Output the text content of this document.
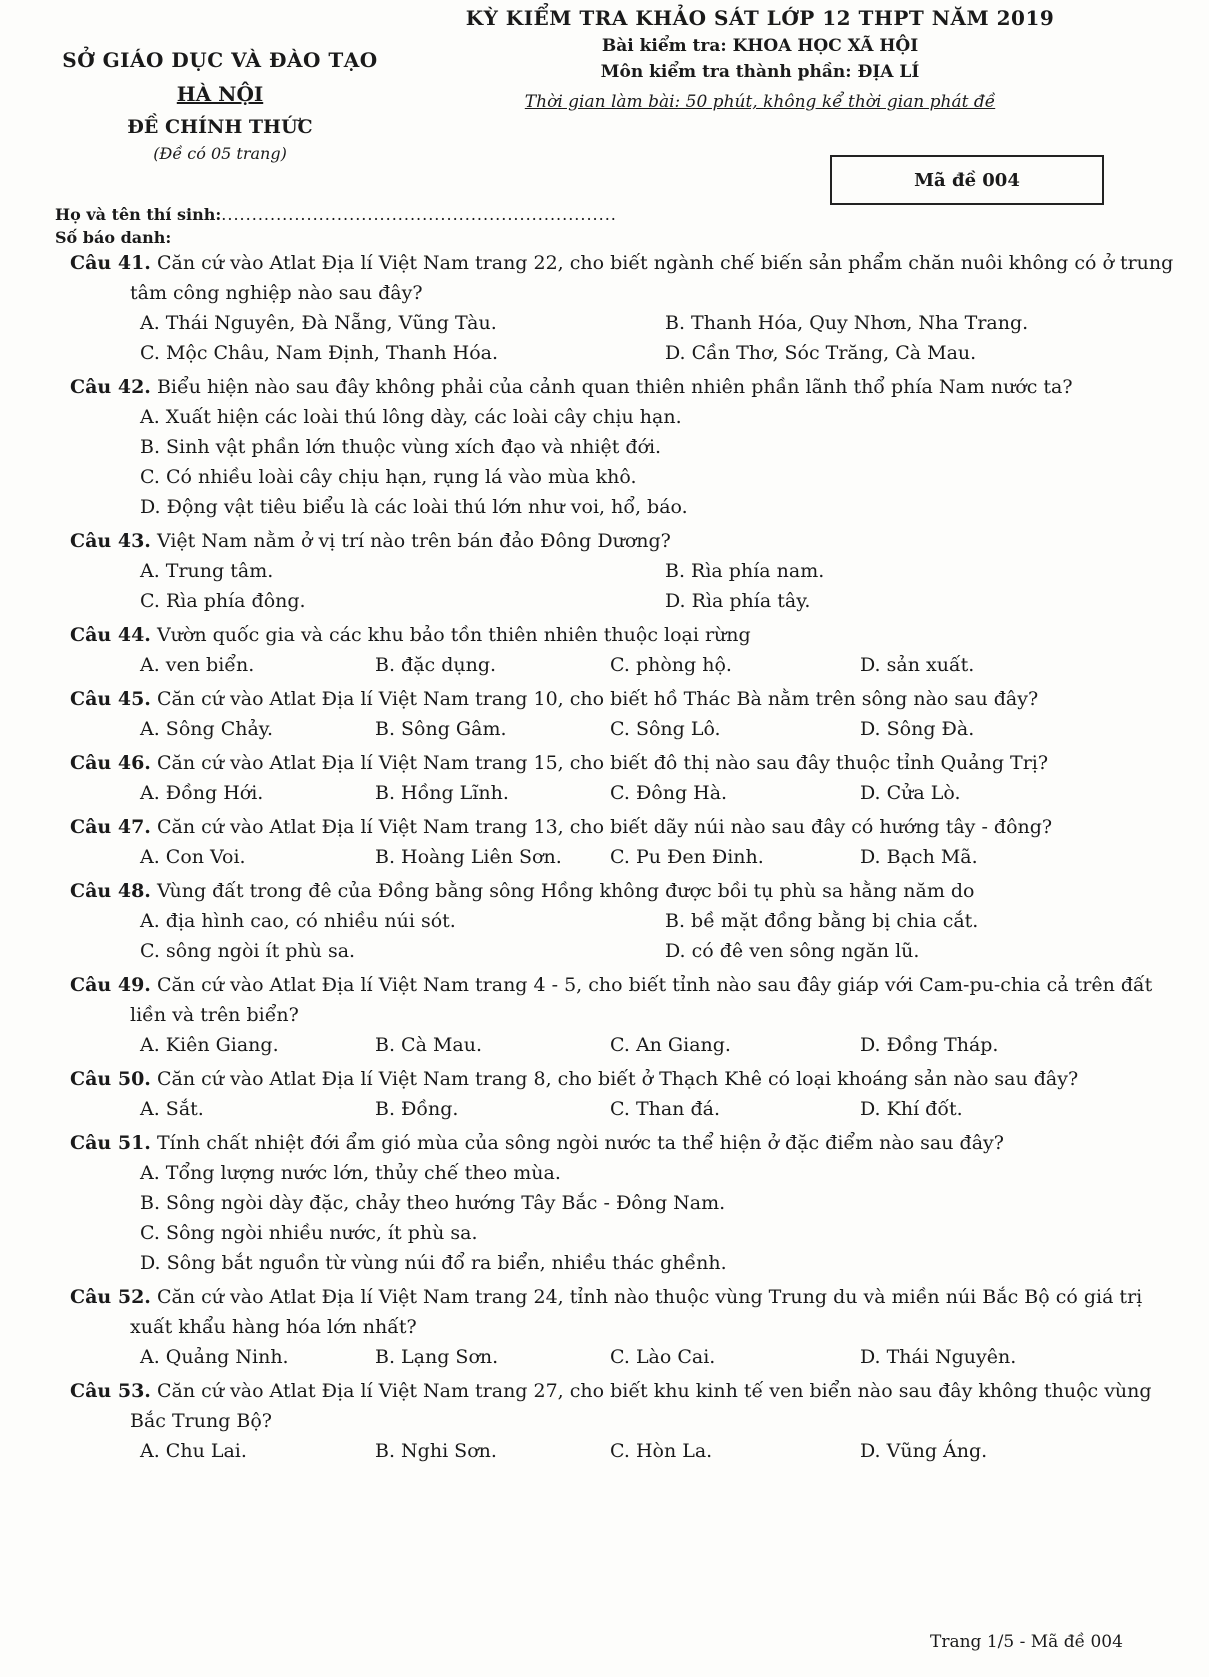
SỞ GIÁO DỤC VÀ ĐÀO TẠO
HÀ NỘI
ĐỀ CHÍNH THỨC
(Đề có 05 trang)
KỲ KIỂM TRA KHẢO SÁT LỚP 12 THPT NĂM 2019
Bài kiểm tra: KHOA HỌC XÃ HỘI
Môn kiểm tra thành phần: ĐỊA LÍ
Thời gian làm bài: 50 phút, không kể thời gian phát đề
Mã đề 004
Họ và tên thí sinh:.................................................................
Số báo danh:
Câu 41. Căn cứ vào Atlat Địa lí Việt Nam trang 22, cho biết ngành chế biến sản phẩm chăn nuôi không có ở trung tâm công nghiệp nào sau đây?
A. Thái Nguyên, Đà Nẵng, Vũng Tàu.	B. Thanh Hóa, Quy Nhơn, Nha Trang.
C. Mộc Châu, Nam Định, Thanh Hóa.	D. Cần Thơ, Sóc Trăng, Cà Mau.
Câu 42. Biểu hiện nào sau đây không phải của cảnh quan thiên nhiên phần lãnh thổ phía Nam nước ta?
A. Xuất hiện các loài thú lông dày, các loài cây chịu hạn.
B. Sinh vật phần lớn thuộc vùng xích đạo và nhiệt đới.
C. Có nhiều loài cây chịu hạn, rụng lá vào mùa khô.
D. Động vật tiêu biểu là các loài thú lớn như voi, hổ, báo.
Câu 43. Việt Nam nằm ở vị trí nào trên bán đảo Đông Dương?
A. Trung tâm.	B. Rìa phía nam.
C. Rìa phía đông.	D. Rìa phía tây.
Câu 44. Vườn quốc gia và các khu bảo tồn thiên nhiên thuộc loại rừng
A. ven biển.	B. đặc dụng.	C. phòng hộ.	D. sản xuất.
Câu 45. Căn cứ vào Atlat Địa lí Việt Nam trang 10, cho biết hồ Thác Bà nằm trên sông nào sau đây?
A. Sông Chảy.	B. Sông Gâm.	C. Sông Lô.	D. Sông Đà.
Câu 46. Căn cứ vào Atlat Địa lí Việt Nam trang 15, cho biết đô thị nào sau đây thuộc tỉnh Quảng Trị?
A. Đồng Hới.	B. Hồng Lĩnh.	C. Đông Hà.	D. Cửa Lò.
Câu 47. Căn cứ vào Atlat Địa lí Việt Nam trang 13, cho biết dãy núi nào sau đây có hướng tây - đông?
A. Con Voi.	B. Hoàng Liên Sơn.	C. Pu Đen Đinh.	D. Bạch Mã.
Câu 48. Vùng đất trong đê của Đồng bằng sông Hồng không được bồi tụ phù sa hằng năm do
A. địa hình cao, có nhiều núi sót.	B. bề mặt đồng bằng bị chia cắt.
C. sông ngòi ít phù sa.	D. có đê ven sông ngăn lũ.
Câu 49. Căn cứ vào Atlat Địa lí Việt Nam trang 4 - 5, cho biết tỉnh nào sau đây giáp với Cam-pu-chia cả trên đất liền và trên biển?
A. Kiên Giang.	B. Cà Mau.	C. An Giang.	D. Đồng Tháp.
Câu 50. Căn cứ vào Atlat Địa lí Việt Nam trang 8, cho biết ở Thạch Khê có loại khoáng sản nào sau đây?
A. Sắt.	B. Đồng.	C. Than đá.	D. Khí đốt.
Câu 51. Tính chất nhiệt đới ẩm gió mùa của sông ngòi nước ta thể hiện ở đặc điểm nào sau đây?
A. Tổng lượng nước lớn, thủy chế theo mùa.
B. Sông ngòi dày đặc, chảy theo hướng Tây Bắc - Đông Nam.
C. Sông ngòi nhiều nước, ít phù sa.
D. Sông bắt nguồn từ vùng núi đổ ra biển, nhiều thác ghềnh.
Câu 52. Căn cứ vào Atlat Địa lí Việt Nam trang 24, tỉnh nào thuộc vùng Trung du và miền núi Bắc Bộ có giá trị xuất khẩu hàng hóa lớn nhất?
A. Quảng Ninh.	B. Lạng Sơn.	C. Lào Cai.	D. Thái Nguyên.
Câu 53. Căn cứ vào Atlat Địa lí Việt Nam trang 27, cho biết khu kinh tế ven biển nào sau đây không thuộc vùng Bắc Trung Bộ?
A. Chu Lai.	B. Nghi Sơn.	C. Hòn La.	D. Vũng Áng.
Trang 1/5 - Mã đề 004
